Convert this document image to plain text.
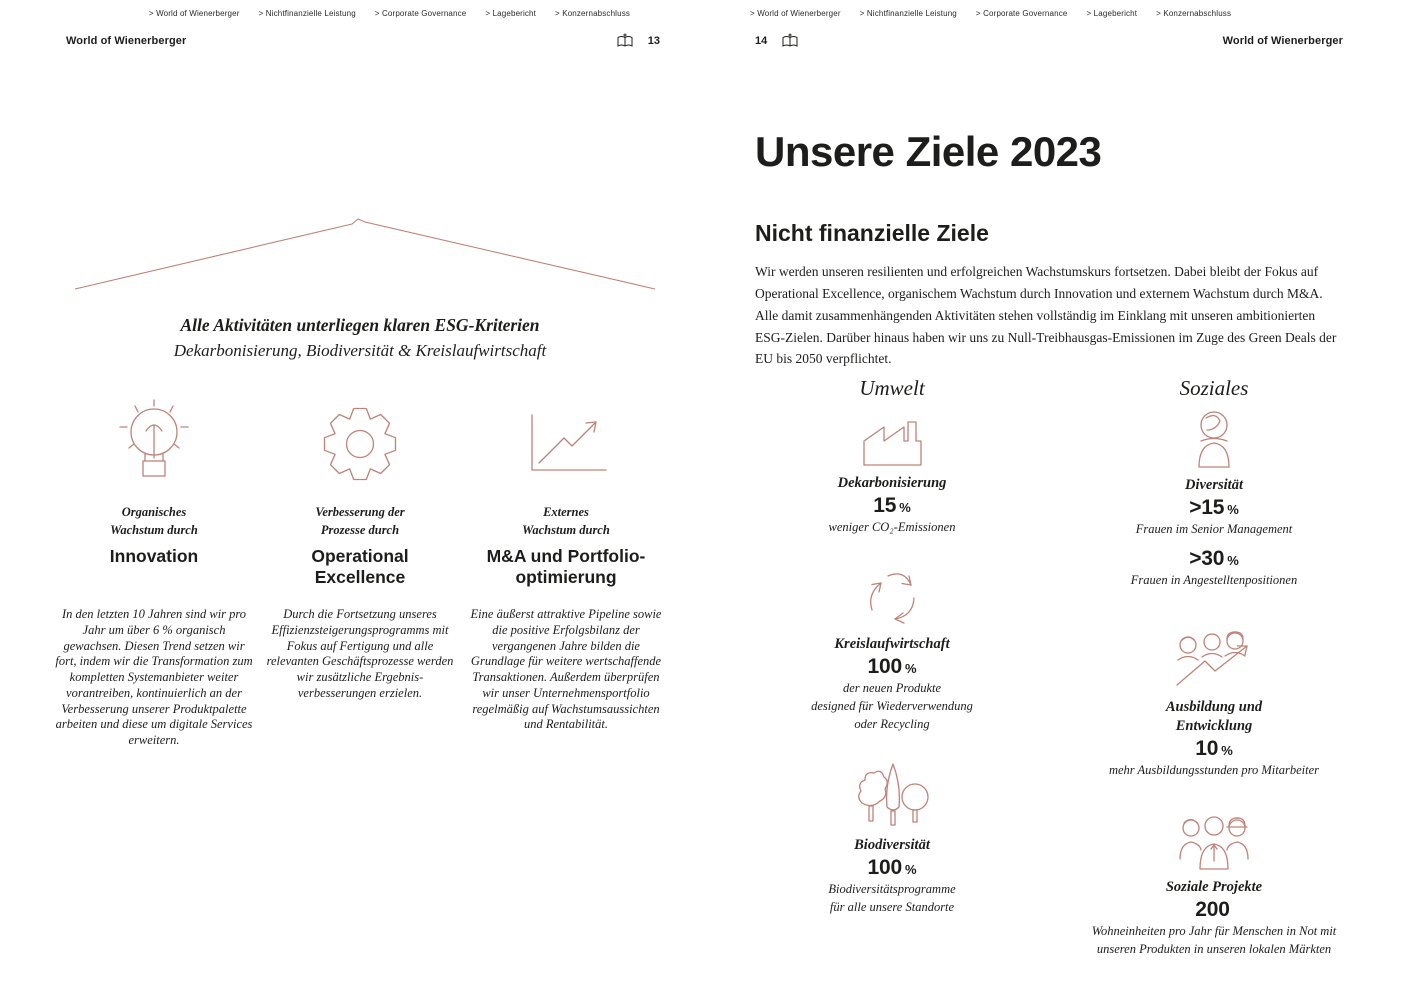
> World of Wienerberger > Nichtfinanzielle Leistung > Corporate Governance > Lagebericht > Konzernabschluss
World of Wienerberger	13
Alle Aktivitäten unterliegen klaren ESG-Kriterien
Dekarbonisierung, Biodiversität & Kreislaufwirtschaft
Organisches
Wachstum durch
Innovation
In den letzten 10 Jahren sind wir pro Jahr um über 6 % organisch gewachsen. Diesen Trend setzen wir fort, indem wir die Transformation zum kompletten Systemanbieter weiter vorantreiben, kontinuierlich an der Verbesserung unserer Produktpalette arbeiten und diese um digitale Services erweitern.
Verbesserung der
Prozesse durch
Operational Excellence
Durch die Fortsetzung unseres Effizienzsteigerungsprogramms mit Fokus auf Fertigung und alle relevanten Geschäftsprozesse werden wir zusätzliche Ergebnisverbesserungen erzielen.
Externes
Wachstum durch
M&A und Portfolio-optimierung
Eine äußerst attraktive Pipeline sowie die positive Erfolgsbilanz der vergangenen Jahre bilden die Grundlage für weitere wertschaffende Transaktionen. Außerdem überprüfen wir unser Unternehmensportfolio regelmäßig auf Wachstumsaussichten und Rentabilität.
> World of Wienerberger > Nichtfinanzielle Leistung > Corporate Governance > Lagebericht > Konzernabschluss
14	World of Wienerberger
Unsere Ziele 2023
Nicht finanzielle Ziele

Wir werden unseren resilienten und erfolgreichen Wachstumskurs fortsetzen. Dabei bleibt der Fokus auf Operational Excellence, organischem Wachstum durch Innovation und externem Wachstum durch M&A. Alle damit zusammenhängenden Aktivitäten stehen vollständig im Einklang mit unseren ambitionierten ESG-Zielen. Darüber hinaus haben wir uns zu Null-Treibhausgas-Emissionen im Zuge des Green Deals der EU bis 2050 verpflichtet.

Umwelt
Dekarbonisierung
15 %
weniger CO₂-Emissionen
Kreislaufwirtschaft
100 %
der neuen Produkte
designed für Wiederverwendung
oder Recycling
Biodiversität
100 %
Biodiversitätsprogramme
für alle unsere Standorte
Soziales
Diversität
>15 %
Frauen im Senior Management
>30 %
Frauen in Angestelltenpositionen
Ausbildung und Entwicklung
10 %
mehr Ausbildungsstunden pro Mitarbeiter
Soziale Projekte
200
Wohneinheiten pro Jahr für Menschen in Not mit
unseren Produkten in unseren lokalen Märkten
